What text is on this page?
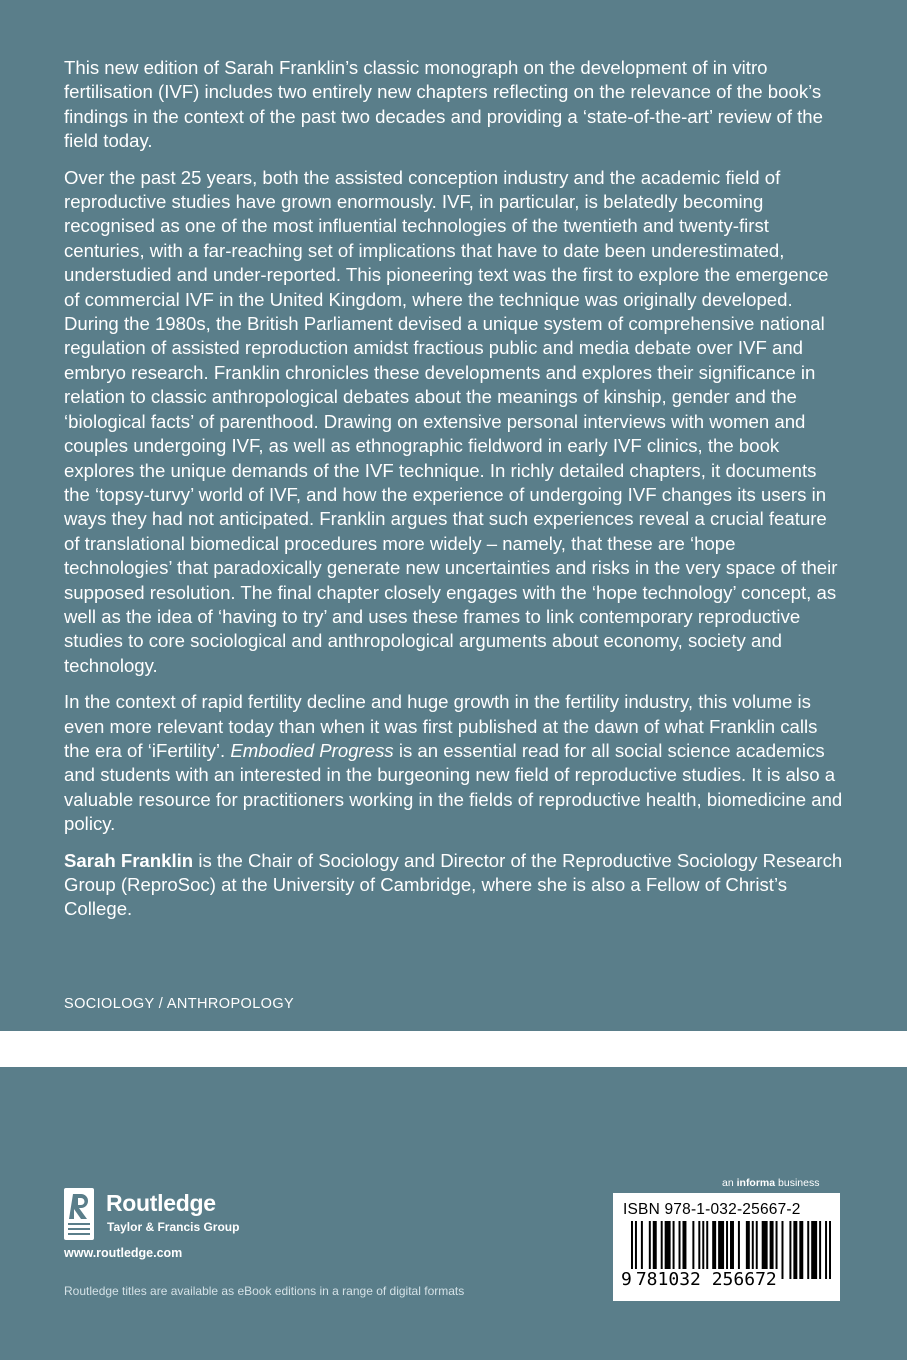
This new edition of Sarah Franklin’s classic monograph on the development of in vitro fertilisation (IVF) includes two entirely new chapters reflecting on the relevance of the book’s findings in the context of the past two decades and providing a ‘state-of-the-art’ review of the field today.

Over the past 25 years, both the assisted conception industry and the academic field of reproductive studies have grown enormously. IVF, in particular, is belatedly becoming recognised as one of the most influential technologies of the twentieth and twenty-first centuries, with a far-reaching set of implications that have to date been underestimated, understudied and under-reported. This pioneering text was the first to explore the emergence of commercial IVF in the United Kingdom, where the technique was originally developed. During the 1980s, the British Parliament devised a unique system of comprehensive national regulation of assisted reproduction amidst fractious public and media debate over IVF and embryo research. Franklin chronicles these developments and explores their significance in relation to classic anthropological debates about the meanings of kinship, gender and the ‘biological facts’ of parenthood. Drawing on extensive personal interviews with women and couples undergoing IVF, as well as ethnographic fieldword in early IVF clinics, the book explores the unique demands of the IVF technique. In richly detailed chapters, it documents the ‘topsy-turvy’ world of IVF, and how the experience of undergoing IVF changes its users in ways they had not anticipated. Franklin argues that such experiences reveal a crucial feature of translational biomedical procedures more widely – namely, that these are ‘hope technologies’ that paradoxically generate new uncertainties and risks in the very space of their supposed resolution. The final chapter closely engages with the ‘hope technology’ concept, as well as the idea of ‘having to try’ and uses these frames to link contemporary reproductive studies to core sociological and anthropological arguments about economy, society and technology.

In the context of rapid fertility decline and huge growth in the fertility industry, this volume is even more relevant today than when it was first published at the dawn of what Franklin calls the era of ‘iFertility’. Embodied Progress is an essential read for all social science academics and students with an interested in the burgeoning new field of reproductive studies. It is also a valuable resource for practitioners working in the fields of reproductive health, biomedicine and policy.

Sarah Franklin is the Chair of Sociology and Director of the Reproductive Sociology Research Group (ReproSoc) at the University of Cambridge, where she is also a Fellow of Christ’s College.

SOCIOLOGY / ANTHROPOLOGY
Routledge
Taylor & Francis Group
www.routledge.com
Routledge titles are available as eBook editions in a range of digital formats
an informa business
ISBN 978-1-032-25667-2
9 781032 256672
